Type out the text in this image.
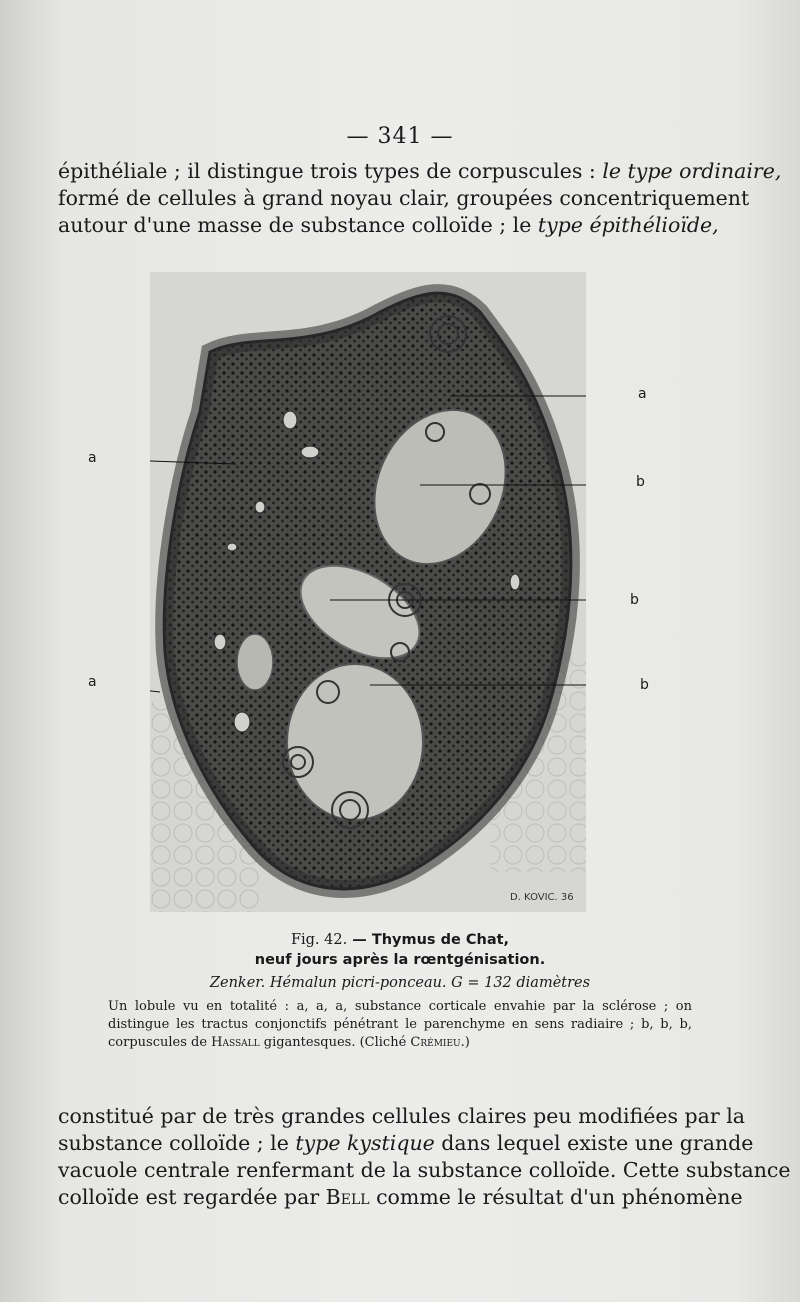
— 341 —
épithéliale ; il distingue trois types de corpuscules : le type ordinaire,
formé de cellules à grand noyau clair, groupées concentriquement
autour d'une masse de substance colloïde ; le type épithélioïde,
D. KOVIC. 36
a
a
b
b
b
a
Fig. 42. — Thymus de Chat,
neuf jours après la rœntgénisation.
Zenker. Hémalun picri-ponceau. G = 132 diamètres
Un lobule vu en totalité : a, a, a, substance corticale envahie par la sclérose ; on distingue les tractus conjonctifs pénétrant le parenchyme en sens radiaire ; b, b, b, corpuscules de Hassall gigantesques. (Cliché Crémieu.)
constitué par de très grandes cellules claires peu modifiées par la
substance colloïde ; le type kystique dans lequel existe une grande
vacuole centrale renfermant de la substance colloïde. Cette substance
colloïde est regardée par Bell comme le résultat d'un phénomène
